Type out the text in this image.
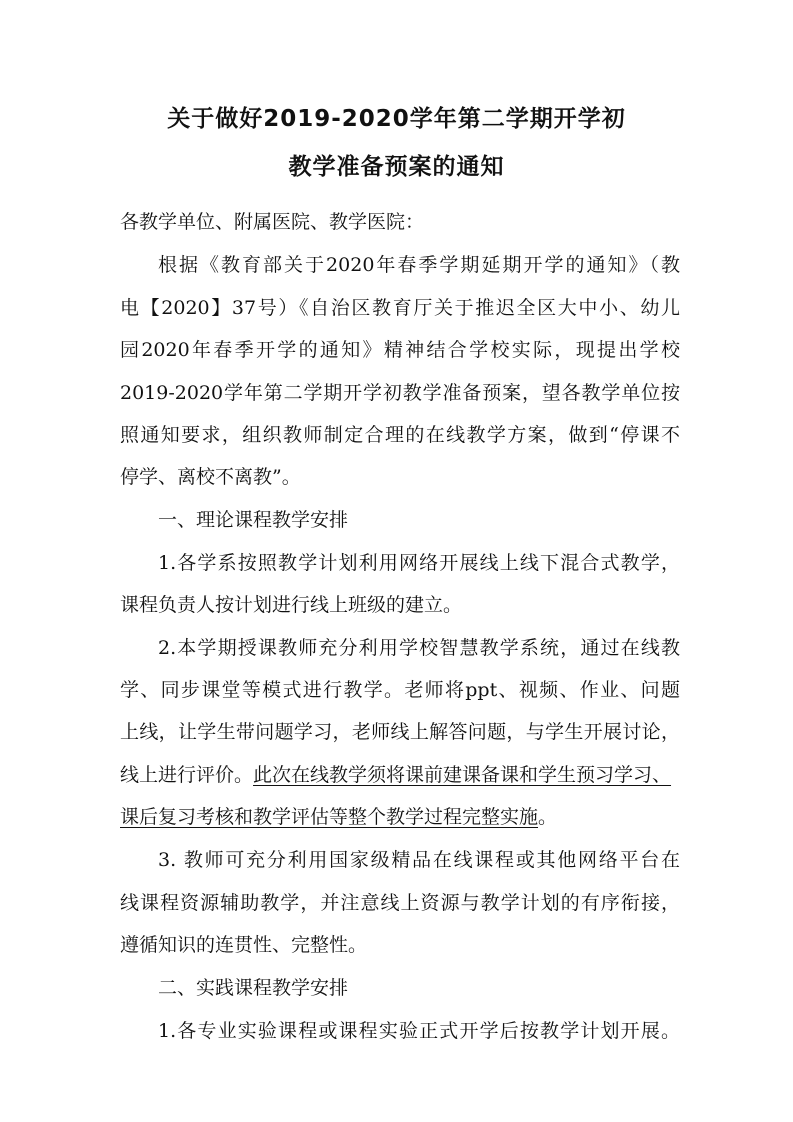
关于做好2019-2020学年第二学期开学初
教学准备预案的通知
各教学单位、附属医院、教学医院：
根据《教育部关于2020年春季学期延期开学的通知》（教
电【2020】37号）《自治区教育厅关于推迟全区大中小、幼儿
园2020年春季开学的通知》精神结合学校实际，现提出学校
2019-2020学年第二学期开学初教学准备预案，望各教学单位按
照通知要求，组织教师制定合理的在线教学方案，做到“停课不
停学、离校不离教”。
一、理论课程教学安排
1.各学系按照教学计划利用网络开展线上线下混合式教学，
课程负责人按计划进行线上班级的建立。
2.本学期授课教师充分利用学校智慧教学系统，通过在线教
学、同步课堂等模式进行教学。老师将ppt、视频、作业、问题
上线，让学生带问题学习，老师线上解答问题，与学生开展讨论，
线上进行评价。此次在线教学须将课前建课备课和学生预习学习、
课后复习考核和教学评估等整个教学过程完整实施。
3. 教师可充分利用国家级精品在线课程或其他网络平台在
线课程资源辅助教学，并注意线上资源与教学计划的有序衔接，
遵循知识的连贯性、完整性。
二、实践课程教学安排
1.各专业实验课程或课程实验正式开学后按教学计划开展。
